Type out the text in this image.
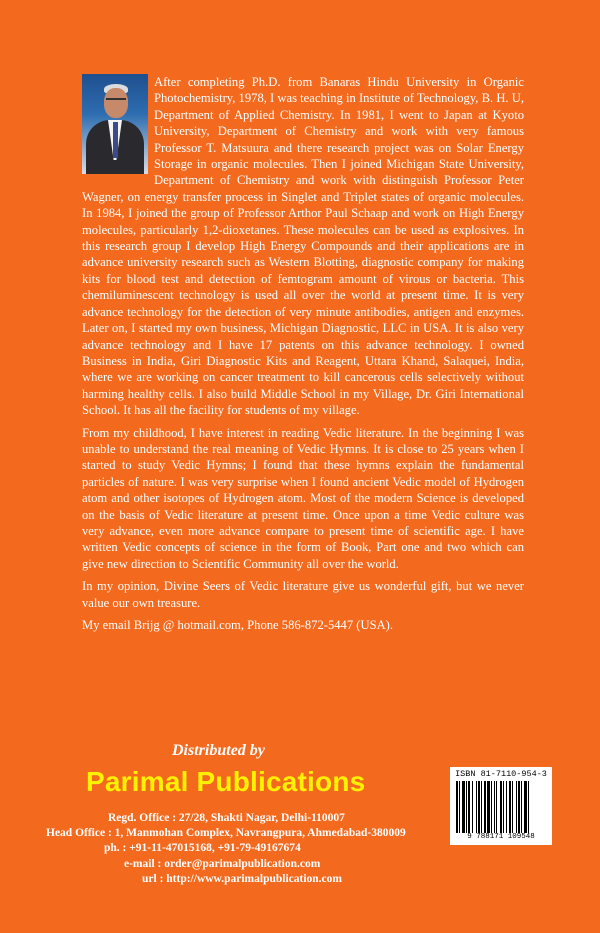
After completing Ph.D. from Banaras Hindu University in Organic Photochemistry, 1978, I was teaching in Institute of Technology, B. H. U, Department of Applied Chemistry. In 1981, I went to Japan at Kyoto University, Department of Chemistry and work with very famous Professor T. Matsuura and there research project was on Solar Energy Storage in organic molecules. Then I joined Michigan State University, Department of Chemistry and work with distinguish Professor Peter Wagner, on energy transfer process in Singlet and Triplet states of organic molecules. In 1984, I joined the group of Professor Arthor Paul Schaap and work on High Energy molecules, particularly 1,2-dioxetanes. These molecules can be used as explosives. In this research group I develop High Energy Compounds and their applications are in advance university research such as Western Blotting, diagnostic company for making kits for blood test and detection of femtogram amount of virous or bacteria. This chemiluminescent technology is used all over the world at present time. It is very advance technology for the detection of very minute antibodies, antigen and enzymes. Later on, I started my own business, Michigan Diagnostic, LLC in USA. It is also very advance technology and I have 17 patents on this advance technology. I owned Business in India, Giri Diagnostic Kits and Reagent, Uttara Khand, Salaquei, India, where we are working on cancer treatment to kill cancerous cells selectively without harming healthy cells. I also build Middle School in my Village, Dr. Giri International School. It has all the facility for students of my village.

From my childhood, I have interest in reading Vedic literature. In the beginning I was unable to understand the real meaning of Vedic Hymns. It is close to 25 years when I started to study Vedic Hymns; I found that these hymns explain the fundamental particles of nature. I was very surprise when I found ancient Vedic model of Hydrogen atom and other isotopes of Hydrogen atom. Most of the modern Science is developed on the basis of Vedic literature at present time. Once upon a time Vedic culture was very advance, even more advance compare to present time of scientific age. I have written Vedic concepts of science in the form of Book, Part one and two which can give new direction to Scientific Community all over the world.

In my opinion, Divine Seers of Vedic literature give us wonderful gift, but we never value our own treasure.

My email Brijg @ hotmail.com, Phone 586-872-5447 (USA).

Distributed by
Parimal Publications
Regd. Office : 27/28, Shakti Nagar, Delhi-110007
Head Office : 1, Manmohan Complex, Navrangpura, Ahmedabad-380009
ph. : +91-11-47015168, +91-79-49167674
e-mail : order@parimalpublication.com
url : http://www.parimalpublication.com
ISBN 81-7110-954-3
9 788171 109548
